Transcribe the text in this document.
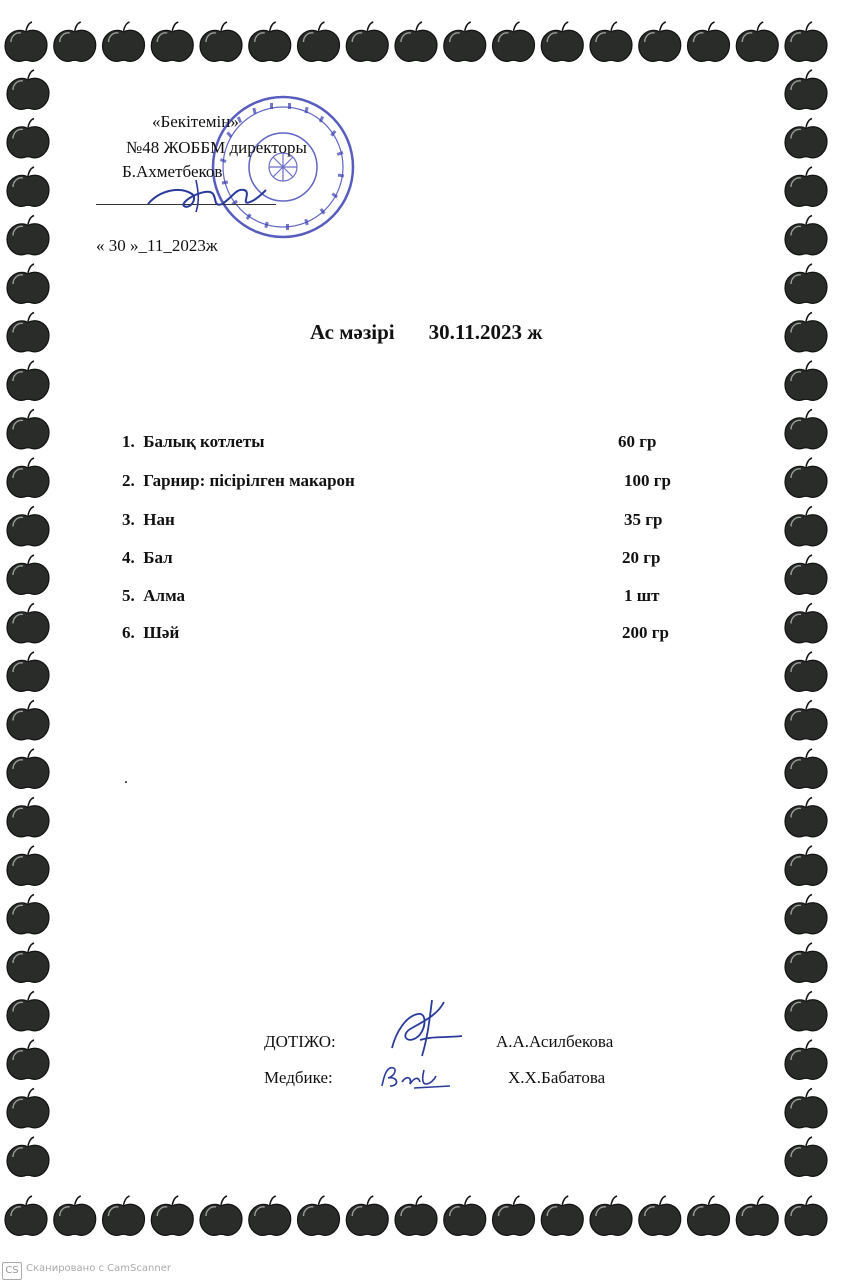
«Бекітемін»
№48 ЖОББМ директоры
Б.Ахметбеков
« 30 »_11_2023ж
Ас мәзірі 30.11.2023 ж
1. Балық котлеты	60 гр
2. Гарнир: пісірілген макарон	100 гр
3. Нан	35 гр
4. Бал	20 гр
5. Алма	1 шт
6. Шәй	200 гр
.
ДОТІЖО:	А.А.Асилбекова
Медбике:	Х.Х.Бабатова
CS Сканировано с CamScanner
